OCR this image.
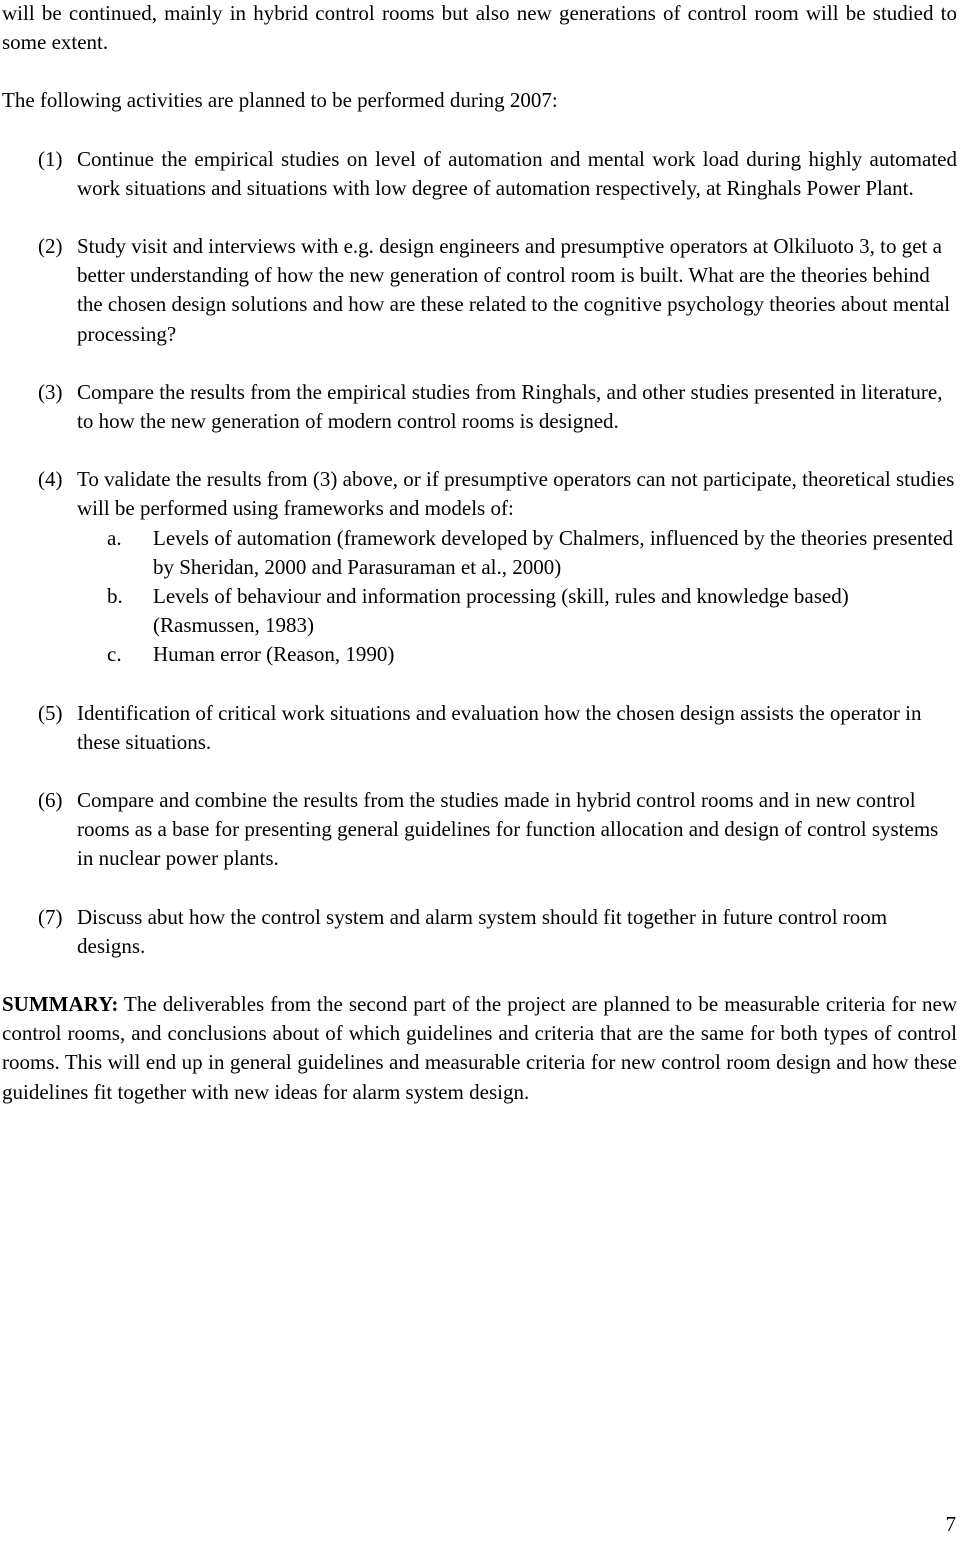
will be continued, mainly in hybrid control rooms but also new generations of control room will be studied to some extent.

The following activities are planned to be performed during 2007:

(1) Continue the empirical studies on level of automation and mental work load during highly automated work situations and situations with low degree of automation respectively, at Ringhals Power Plant.

(2) Study visit and interviews with e.g. design engineers and presumptive operators at Olkiluoto 3, to get a better understanding of how the new generation of control room is built. What are the theories behind the chosen design solutions and how are these related to the cognitive psychology theories about mental processing?

(3) Compare the results from the empirical studies from Ringhals, and other studies presented in literature, to how the new generation of modern control rooms is designed.

(4) To validate the results from (3) above, or if presumptive operators can not participate, theoretical studies will be performed using frameworks and models of:

a. Levels of automation (framework developed by Chalmers, influenced by the theories presented by Sheridan, 2000 and Parasuraman et al., 2000)
b. Levels of behaviour and information processing (skill, rules and knowledge based) (Rasmussen, 1983)
c. Human error (Reason, 1990)
(5) Identification of critical work situations and evaluation how the chosen design assists the operator in these situations.

(6) Compare and combine the results from the studies made in hybrid control rooms and in new control rooms as a base for presenting general guidelines for function allocation and design of control systems in nuclear power plants.

(7) Discuss abut how the control system and alarm system should fit together in future control room designs.

SUMMARY: The deliverables from the second part of the project are planned to be measurable criteria for new control rooms, and conclusions about of which guidelines and criteria that are the same for both types of control rooms. This will end up in general guidelines and measurable criteria for new control room design and how these guidelines fit together with new ideas for alarm system design.

7
